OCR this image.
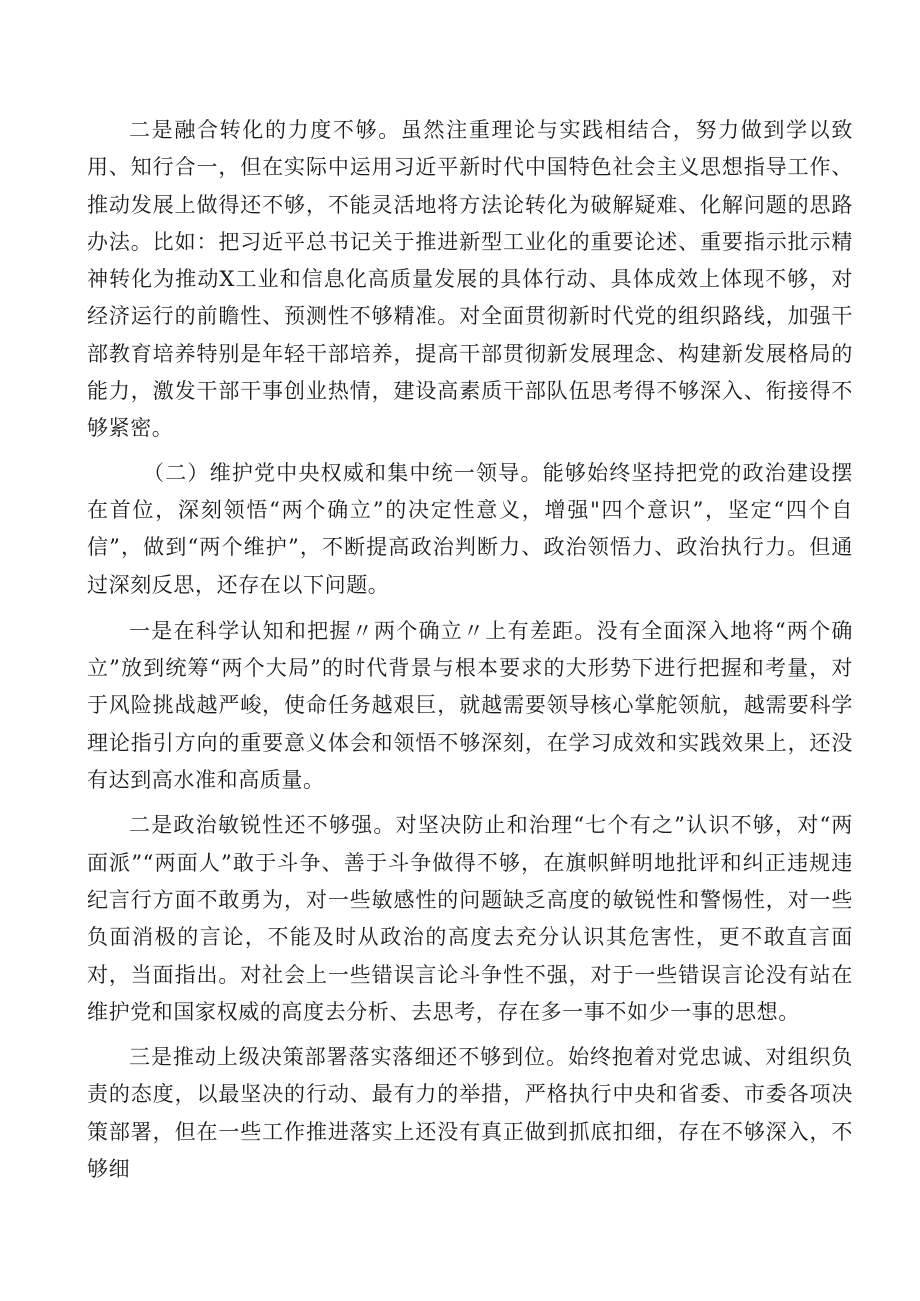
二是融合转化的力度不够。虽然注重理论与实践相结合，努力做到学以致用、知行合一，但在实际中运用习近平新时代中国特色社会主义思想指导工作、推动发展上做得还不够，不能灵活地将方法论转化为破解疑难、化解问题的思路办法。比如：把习近平总书记关于推进新型工业化的重要论述、重要指示批示精神转化为推动X工业和信息化高质量发展的具体行动、具体成效上体现不够，对经济运行的前瞻性、预测性不够精准。对全面贯彻新时代党的组织路线，加强干部教育培养特别是年轻干部培养，提高干部贯彻新发展理念、构建新发展格局的能力，激发干部干事创业热情，建设高素质干部队伍思考得不够深入、衔接得不够紧密。

（二）维护党中央权威和集中统一领导。能够始终坚持把党的政治建设摆在首位，深刻领悟“两个确立”的决定性意义，增强"四个意识”，坚定“四个自信”，做到“两个维护”，不断提高政治判断力、政治领悟力、政治执行力。但通过深刻反思，还存在以下问题。

一是在科学认知和把握〃两个确立〃上有差距。没有全面深入地将“两个确立”放到统筹“两个大局”的时代背景与根本要求的大形势下进行把握和考量，对于风险挑战越严峻，使命任务越艰巨，就越需要领导核心掌舵领航，越需要科学理论指引方向的重要意义体会和领悟不够深刻，在学习成效和实践效果上，还没有达到高水准和高质量。

二是政治敏锐性还不够强。对坚决防止和治理“七个有之”认识不够，对“两面派”“两面人”敢于斗争、善于斗争做得不够，在旗帜鲜明地批评和纠正违规违纪言行方面不敢勇为，对一些敏感性的问题缺乏高度的敏锐性和警惕性，对一些负面消极的言论，不能及时从政治的高度去充分认识其危害性，更不敢直言面对，当面指出。对社会上一些错误言论斗争性不强，对于一些错误言论没有站在维护党和国家权威的高度去分析、去思考，存在多一事不如少一事的思想。

三是推动上级决策部署落实落细还不够到位。始终抱着对党忠诚、对组织负责的态度，以最坚决的行动、最有力的举措，严格执行中央和省委、市委各项决策部署，但在一些工作推进落实上还没有真正做到抓底扣细，存在不够深入，不够细
